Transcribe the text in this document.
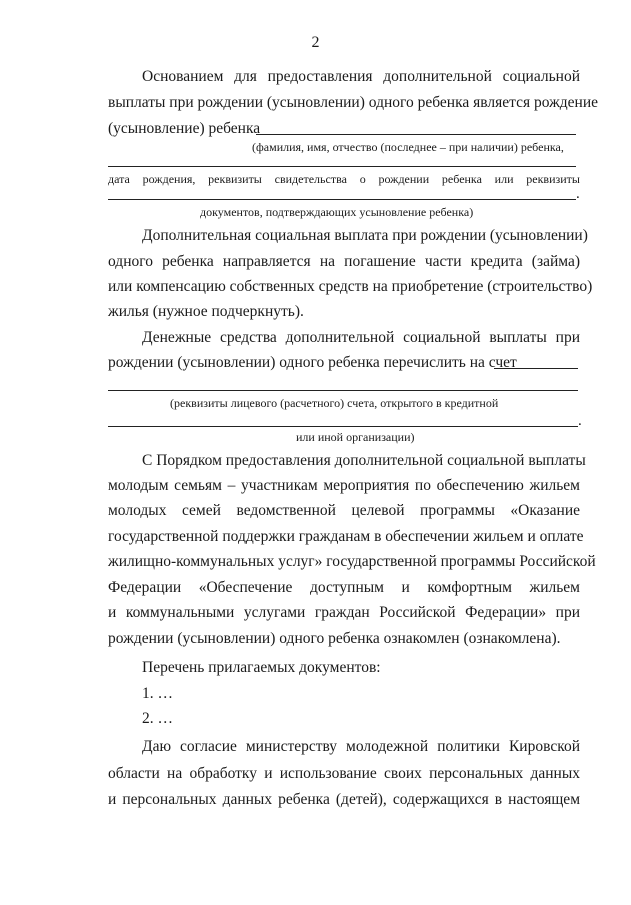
2
Основанием для предоставления дополнительной социальной
выплаты при рождении (усыновлении) одного ребенка является рождение
(усыновление) ребенка
(фамилия, имя, отчество (последнее – при наличии) ребенка,
дата рождения, реквизиты свидетельства о рождении ребенка или реквизиты
.
документов, подтверждающих усыновление ребенка)
Дополнительная социальная выплата при рождении (усыновлении)
одного ребенка направляется на погашение части кредита (займа)
или компенсацию собственных средств на приобретение (строительство)
жилья (нужное подчеркнуть).
Денежные средства дополнительной социальной выплаты при
рождении (усыновлении) одного ребенка перечислить на счет
(реквизиты лицевого (расчетного) счета, открытого в кредитной
.
или иной организации)
С Порядком предоставления дополнительной социальной выплаты
молодым семьям – участникам мероприятия по обеспечению жильем
молодых семей ведомственной целевой программы «Оказание
государственной поддержки гражданам в обеспечении жильем и оплате
жилищно-коммунальных услуг» государственной программы Российской
Федерации «Обеспечение доступным и комфортным жильем
и коммунальными услугами граждан Российской Федерации» при
рождении (усыновлении) одного ребенка ознакомлен (ознакомлена).
Перечень прилагаемых документов:
1. …
2. …
Даю согласие министерству молодежной политики Кировской
области на обработку и использование своих персональных данных
и персональных данных ребенка (детей), содержащихся в настоящем
